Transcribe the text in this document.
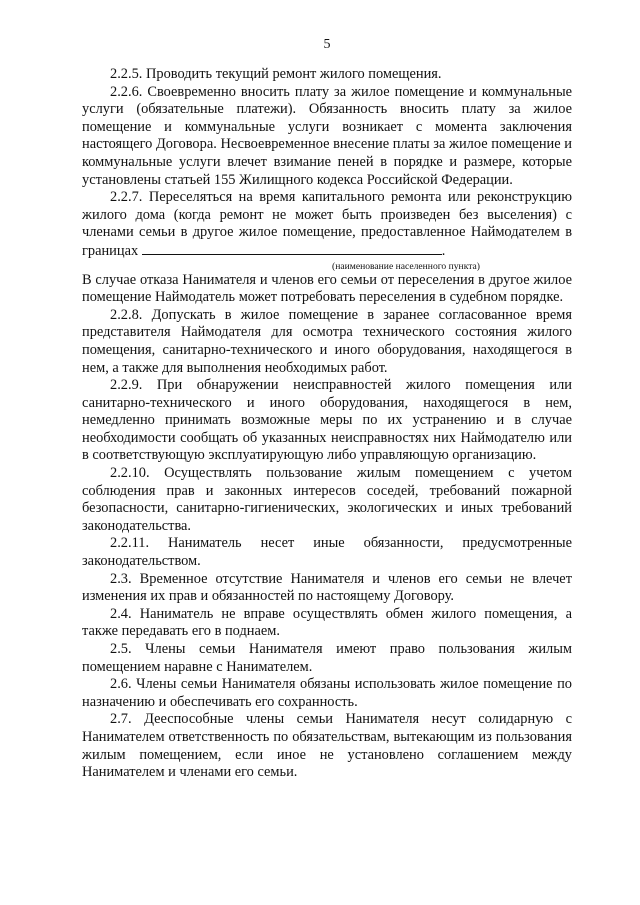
5

2.2.5. Проводить текущий ремонт жилого помещения.

2.2.6. Своевременно вносить плату за жилое помещение и коммунальные услуги (обязательные платежи). Обязанность вносить плату за жилое помещение и коммунальные услуги возникает с момента заключения настоящего Договора. Несвоевременное внесение платы за жилое помещение и коммунальные услуги влечет взимание пеней в порядке и размере, которые установлены статьей 155 Жилищного кодекса Российской Федерации.

2.2.7. Переселяться на время капитального ремонта или реконструкцию жилого дома (когда ремонт не может быть произведен без выселения) с членами семьи в другое жилое помещение, предоставленное Наймодателем в границах	.

(наименование населенного пункта)

В случае отказа Нанимателя и членов его семьи от переселения в другое жилое помещение Наймодатель может потребовать переселения в судебном порядке.

2.2.8. Допускать в жилое помещение в заранее согласованное время представителя Наймодателя для осмотра технического состояния жилого помещения, санитарно-технического и иного оборудования, находящегося в нем, а также для выполнения необходимых работ.

2.2.9. При обнаружении неисправностей жилого помещения или санитарно-технического и иного оборудования, находящегося в нем, немедленно принимать возможные меры по их устранению и в случае необходимости сообщать об указанных неисправностях них Наймодателю или в соответствующую эксплуатирующую либо управляющую организацию.

2.2.10. Осуществлять пользование жилым помещением с учетом соблюдения прав и законных интересов соседей, требований пожарной безопасности, санитарно-гигиенических, экологических и иных требований законодательства.

2.2.11. Наниматель несет иные обязанности, предусмотренные законодательством.

2.3. Временное отсутствие Нанимателя и членов его семьи не влечет изменения их прав и обязанностей по настоящему Договору.

2.4. Наниматель не вправе осуществлять обмен жилого помещения, а также передавать его в поднаем.

2.5. Члены семьи Нанимателя имеют право пользования жилым помещением наравне с Нанимателем.

2.6. Члены семьи Нанимателя обязаны использовать жилое помещение по назначению и обеспечивать его сохранность.

2.7. Дееспособные члены семьи Нанимателя несут солидарную с Нанимателем ответственность по обязательствам, вытекающим из пользования жилым помещением, если иное не установлено соглашением между Нанимателем и членами его семьи.
